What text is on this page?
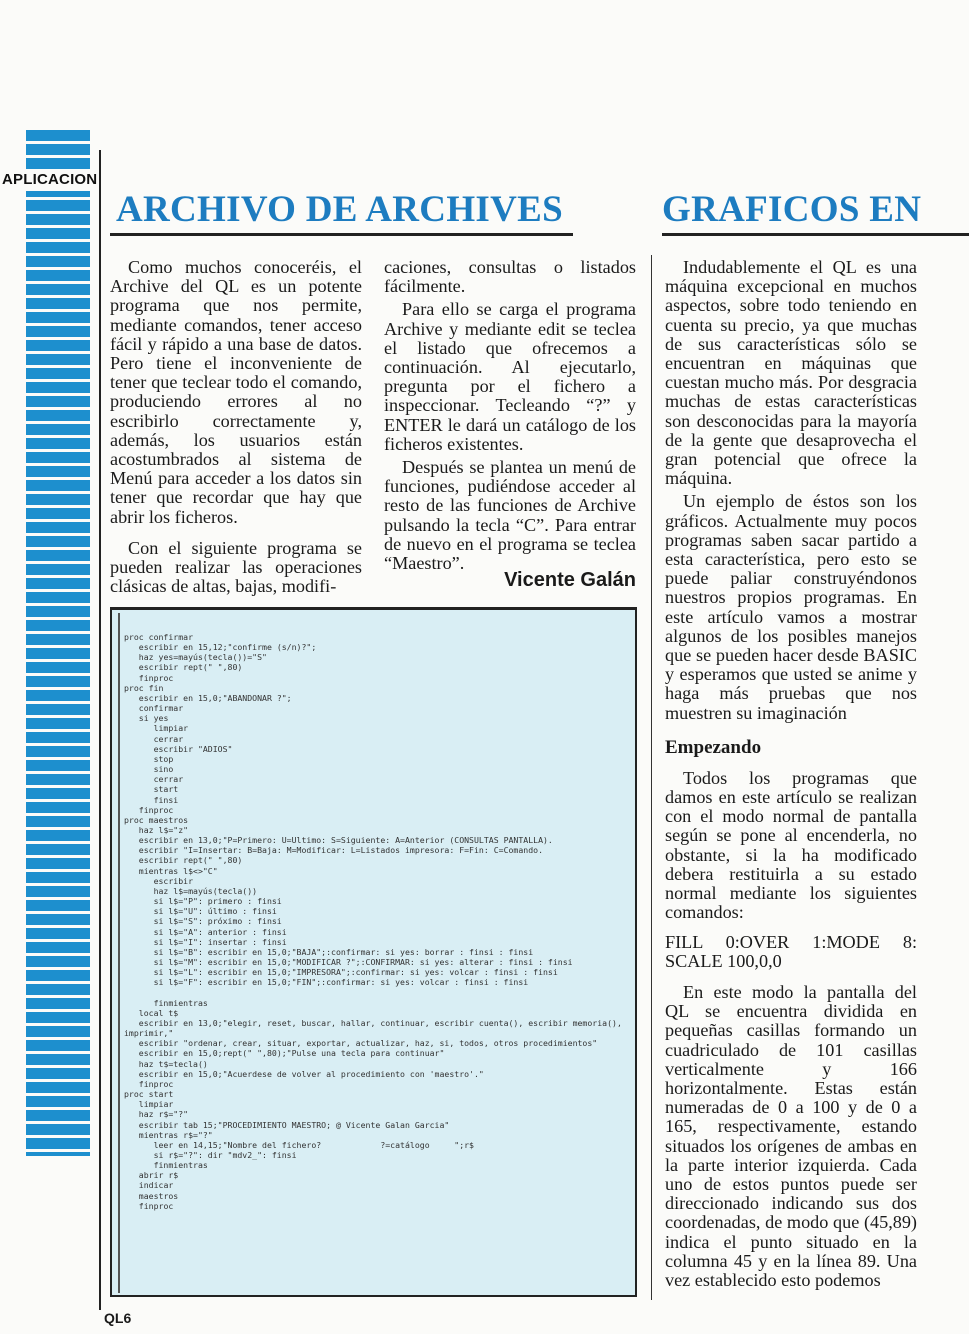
APLICACION
ARCHIVO DE ARCHIVES	GRAFICOS EN

Como muchos conoceréis, el Archive del QL es un potente programa que nos permite, mediante comandos, tener acceso fácil y rápido a una base de datos. Pero tiene el inconveniente de tener que teclear todo el comando, produciendo errores al no escribirlo correctamente y, además, los usuarios están acostumbrados al sistema de Menú para acceder a los datos sin tener que recordar que hay que abrir los ficheros.

Con el siguiente programa se pueden realizar las operaciones clásicas de altas, bajas, modifi-

caciones, consultas o listados fácilmente.

Para ello se carga el programa Archive y mediante edit se teclea el listado que ofrecemos a continuación. Al ejecutarlo, pregunta por el fichero a inspeccionar. Tecleando “?” y ENTER le dará un catálogo de los ficheros existentes.

Después se plantea un menú de funciones, pudiéndose acceder al resto de las funciones de Archive pulsando la tecla “C”. Para entrar de nuevo en el programa se teclea “Maestro”.

Vicente Galán
proc confirmar
escribir en 15,12;"confirme (s/n)?";
haz yes=mayús(tecla())="S"
escribir rept(" ",80)
finproc
proc fin
escribir en 15,0;"ABANDONAR ?";
confirmar
si yes
limpiar
cerrar
escribir "ADIOS"
stop
sino
cerrar
start
finsi
finproc
proc maestros
haz l$="z"
escribir en 13,0;"P=Primero: U=Ultimo: S=Siguiente: A=Anterior (CONSULTAS PANTALLA).
escribir "I=Insertar: B=Baja: M=Modificar: L=Listados impresora: F=Fin: C=Comando.
escribir rept(" ",80)
mientras l$<>"C"
escribir
haz l$=mayús(tecla())
si l$="P": primero : finsi
si l$="U": último : finsi
si l$="S": próximo : finsi
si l$="A": anterior : finsi
si l$="I": insertar : finsi
si l$="B": escribir en 15,0;"BAJA";:confirmar: si yes: borrar : finsi : finsi
si l$="M": escribir en 15,0;"MODIFICAR ?";:CONFIRMAR: si yes: alterar : finsi : finsi
si l$="L": escribir en 15,0;"IMPRESORA";:confirmar: si yes: volcar : finsi : finsi
si l$="F": escribir en 15,0;"FIN";:confirmar: si yes: volcar : finsi : finsi

finmientras
local t$
escribir en 13,0;"elegir, reset, buscar, hallar, continuar, escribir cuenta(), escribir memoria(), imprimir,"
escribir "ordenar, crear, situar, exportar, actualizar, haz, si, todos, otros procedimientos"
escribir en 15,0;rept(" ",80);"Pulse una tecla para continuar"
haz t$=tecla()
escribir en 15,0;"Acuerdese de volver al procedimiento con 'maestro'."
finproc
proc start
limpiar
haz r$="?"
escribir tab 15;"PROCEDIMIENTO MAESTRO; @ Vicente Galan Garcia"
mientras r$="?"
leer en 14,15;"Nombre del fichero?            ?=catálogo     ";r$
si r$="?": dir "mdv2_": finsi
finmientras
abrir r$
indicar
maestros
finproc

Indudablemente el QL es una máquina excepcional en muchos aspectos, sobre todo teniendo en cuenta su precio, ya que muchas de sus características sólo se encuentran en máquinas que cuestan mucho más. Por desgracia muchas de estas características son desconocidas para la mayoría de la gente que desaprovecha el gran potencial que ofrece la máquina.

Un ejemplo de éstos son los gráficos. Actualmente muy pocos programas saben sacar partido a esta característica, pero esto se puede paliar construyéndonos nuestros propios programas. En este artículo vamos a mostrar algunos de los posibles manejos que se pueden hacer desde BASIC y esperamos que usted se anime y haga más pruebas que nos muestren su imaginación

Empezando

Todos los programas que damos en este artículo se realizan con el modo normal de pantalla según se pone al encenderla, no obstante, si la ha modificado debera restituirla a su estado normal mediante los siguientes comandos:

FILL 0:OVER 1:MODE 8: SCALE 100,0,0

En este modo la pantalla del QL se encuentra dividida en pequeñas casillas formando un cuadriculado de 101 casillas verticalmente y 166 horizontalmente. Estas están numeradas de 0 a 100 y de 0 a 165, respectivamente, estando situados los orígenes de ambas en la parte interior izquierda. Cada uno de estos puntos puede ser direccionado indicando sus dos coordenadas, de modo que (45,89) indica el punto situado en la columna 45 y en la línea 89. Una vez establecido esto podemos

QL6
